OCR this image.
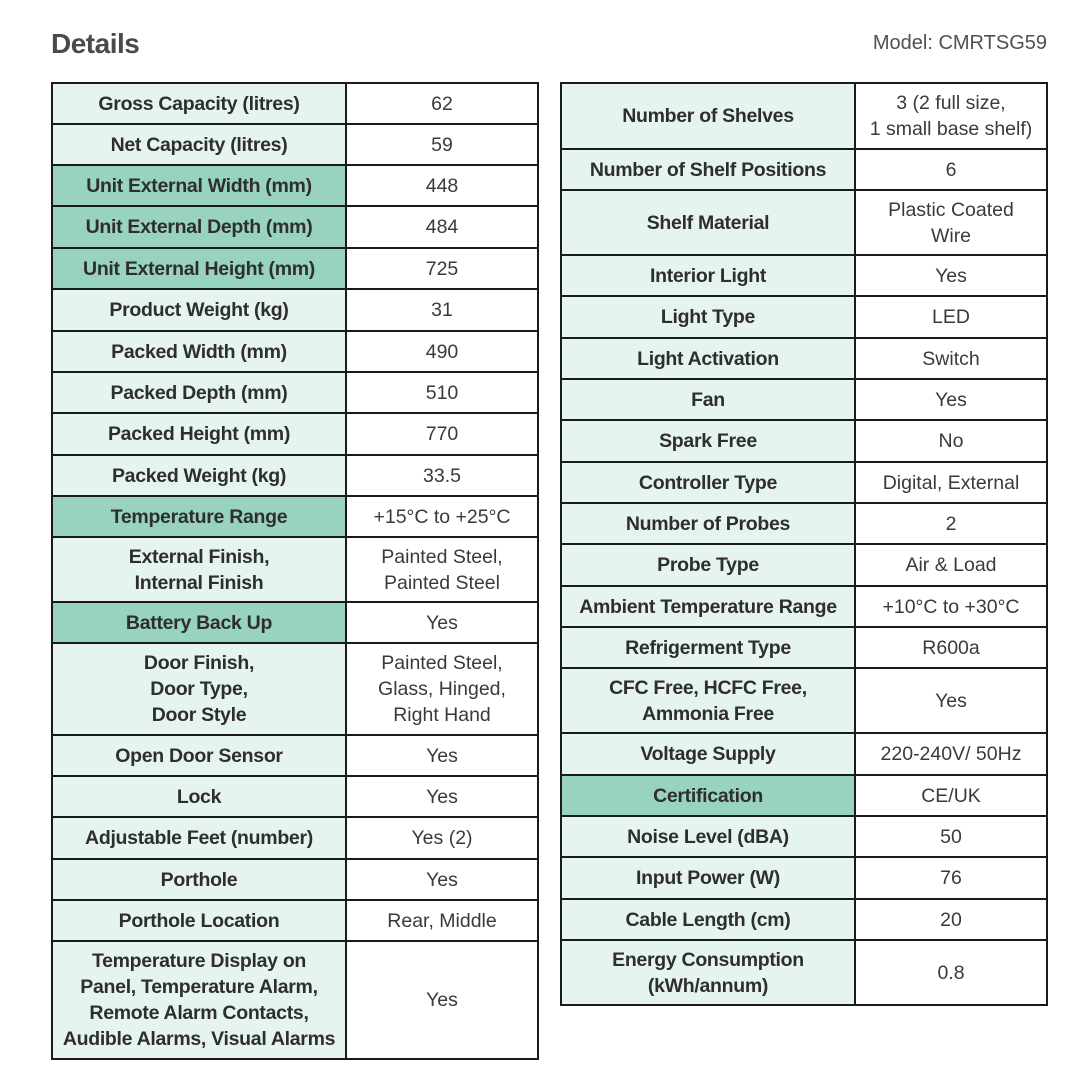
Details	Model: CMRTSG59
Gross Capacity (litres)	62

Net Capacity (litres)	59

Unit External Width (mm)	448

Unit External Depth (mm)	484

Unit External Height (mm)	725

Product Weight (kg)	31

Packed Width (mm)	490

Packed Depth (mm)	510

Packed Height (mm)	770

Packed Weight (kg)	33.5

Temperature Range	+15°C to +25°C

External Finish,
Internal Finish	Painted Steel,
Painted Steel

Battery Back Up	Yes

Door Finish,
Door Type,
Door Style	Painted Steel,
Glass, Hinged,
Right Hand

Open Door Sensor	Yes

Lock	Yes

Adjustable Feet (number)	Yes (2)

Porthole	Yes

Porthole Location	Rear, Middle

Temperature Display on
Panel, Temperature Alarm,
Remote Alarm Contacts,
Audible Alarms, Visual Alarms	Yes
Number of Shelves	3 (2 full size,
1 small base shelf)

Number of Shelf Positions	6

Shelf Material	Plastic Coated
Wire

Interior Light	Yes

Light Type	LED

Light Activation	Switch

Fan	Yes

Spark Free	No

Controller Type	Digital, External

Number of Probes	2

Probe Type	Air & Load

Ambient Temperature Range	+10°C to +30°C

Refrigerment Type	R600a

CFC Free, HCFC Free,
Ammonia Free	Yes

Voltage Supply	220-240V/ 50Hz

Certification	CE/UK

Noise Level (dBA)	50

Input Power (W)	76

Cable Length (cm)	20

Energy Consumption
(kWh/annum)	0.8
